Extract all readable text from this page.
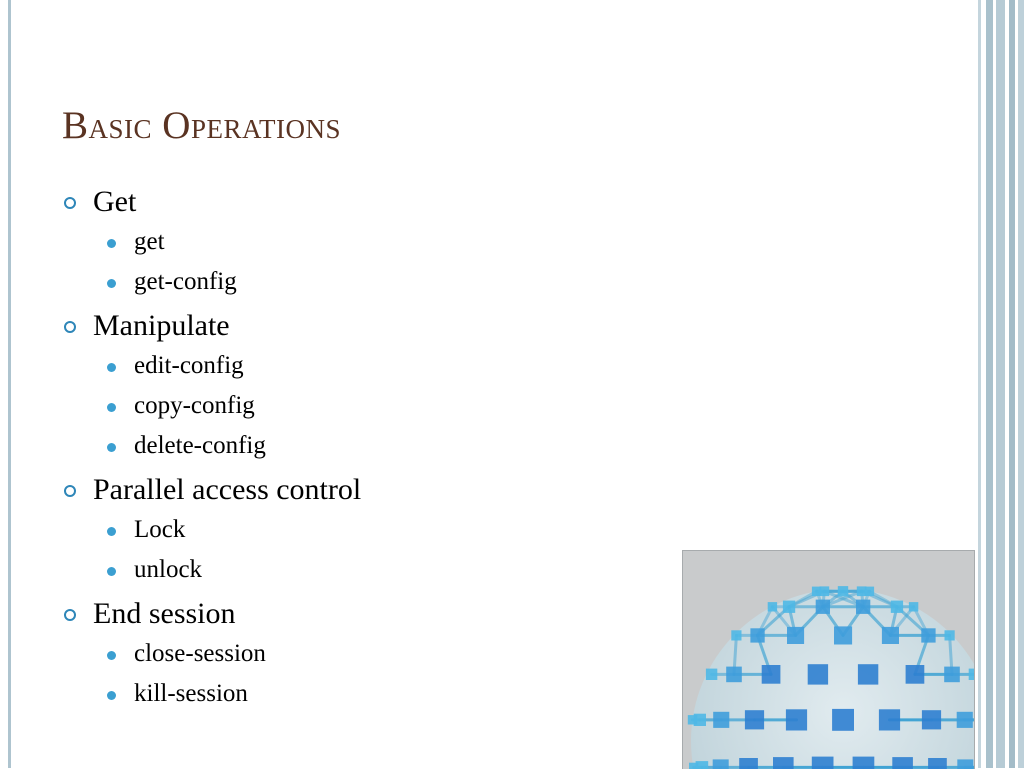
Basic Operations
Get
get
get-config
Manipulate
edit-config
copy-config
delete-config
Parallel access control
Lock
unlock
End session
close-session
kill-session
